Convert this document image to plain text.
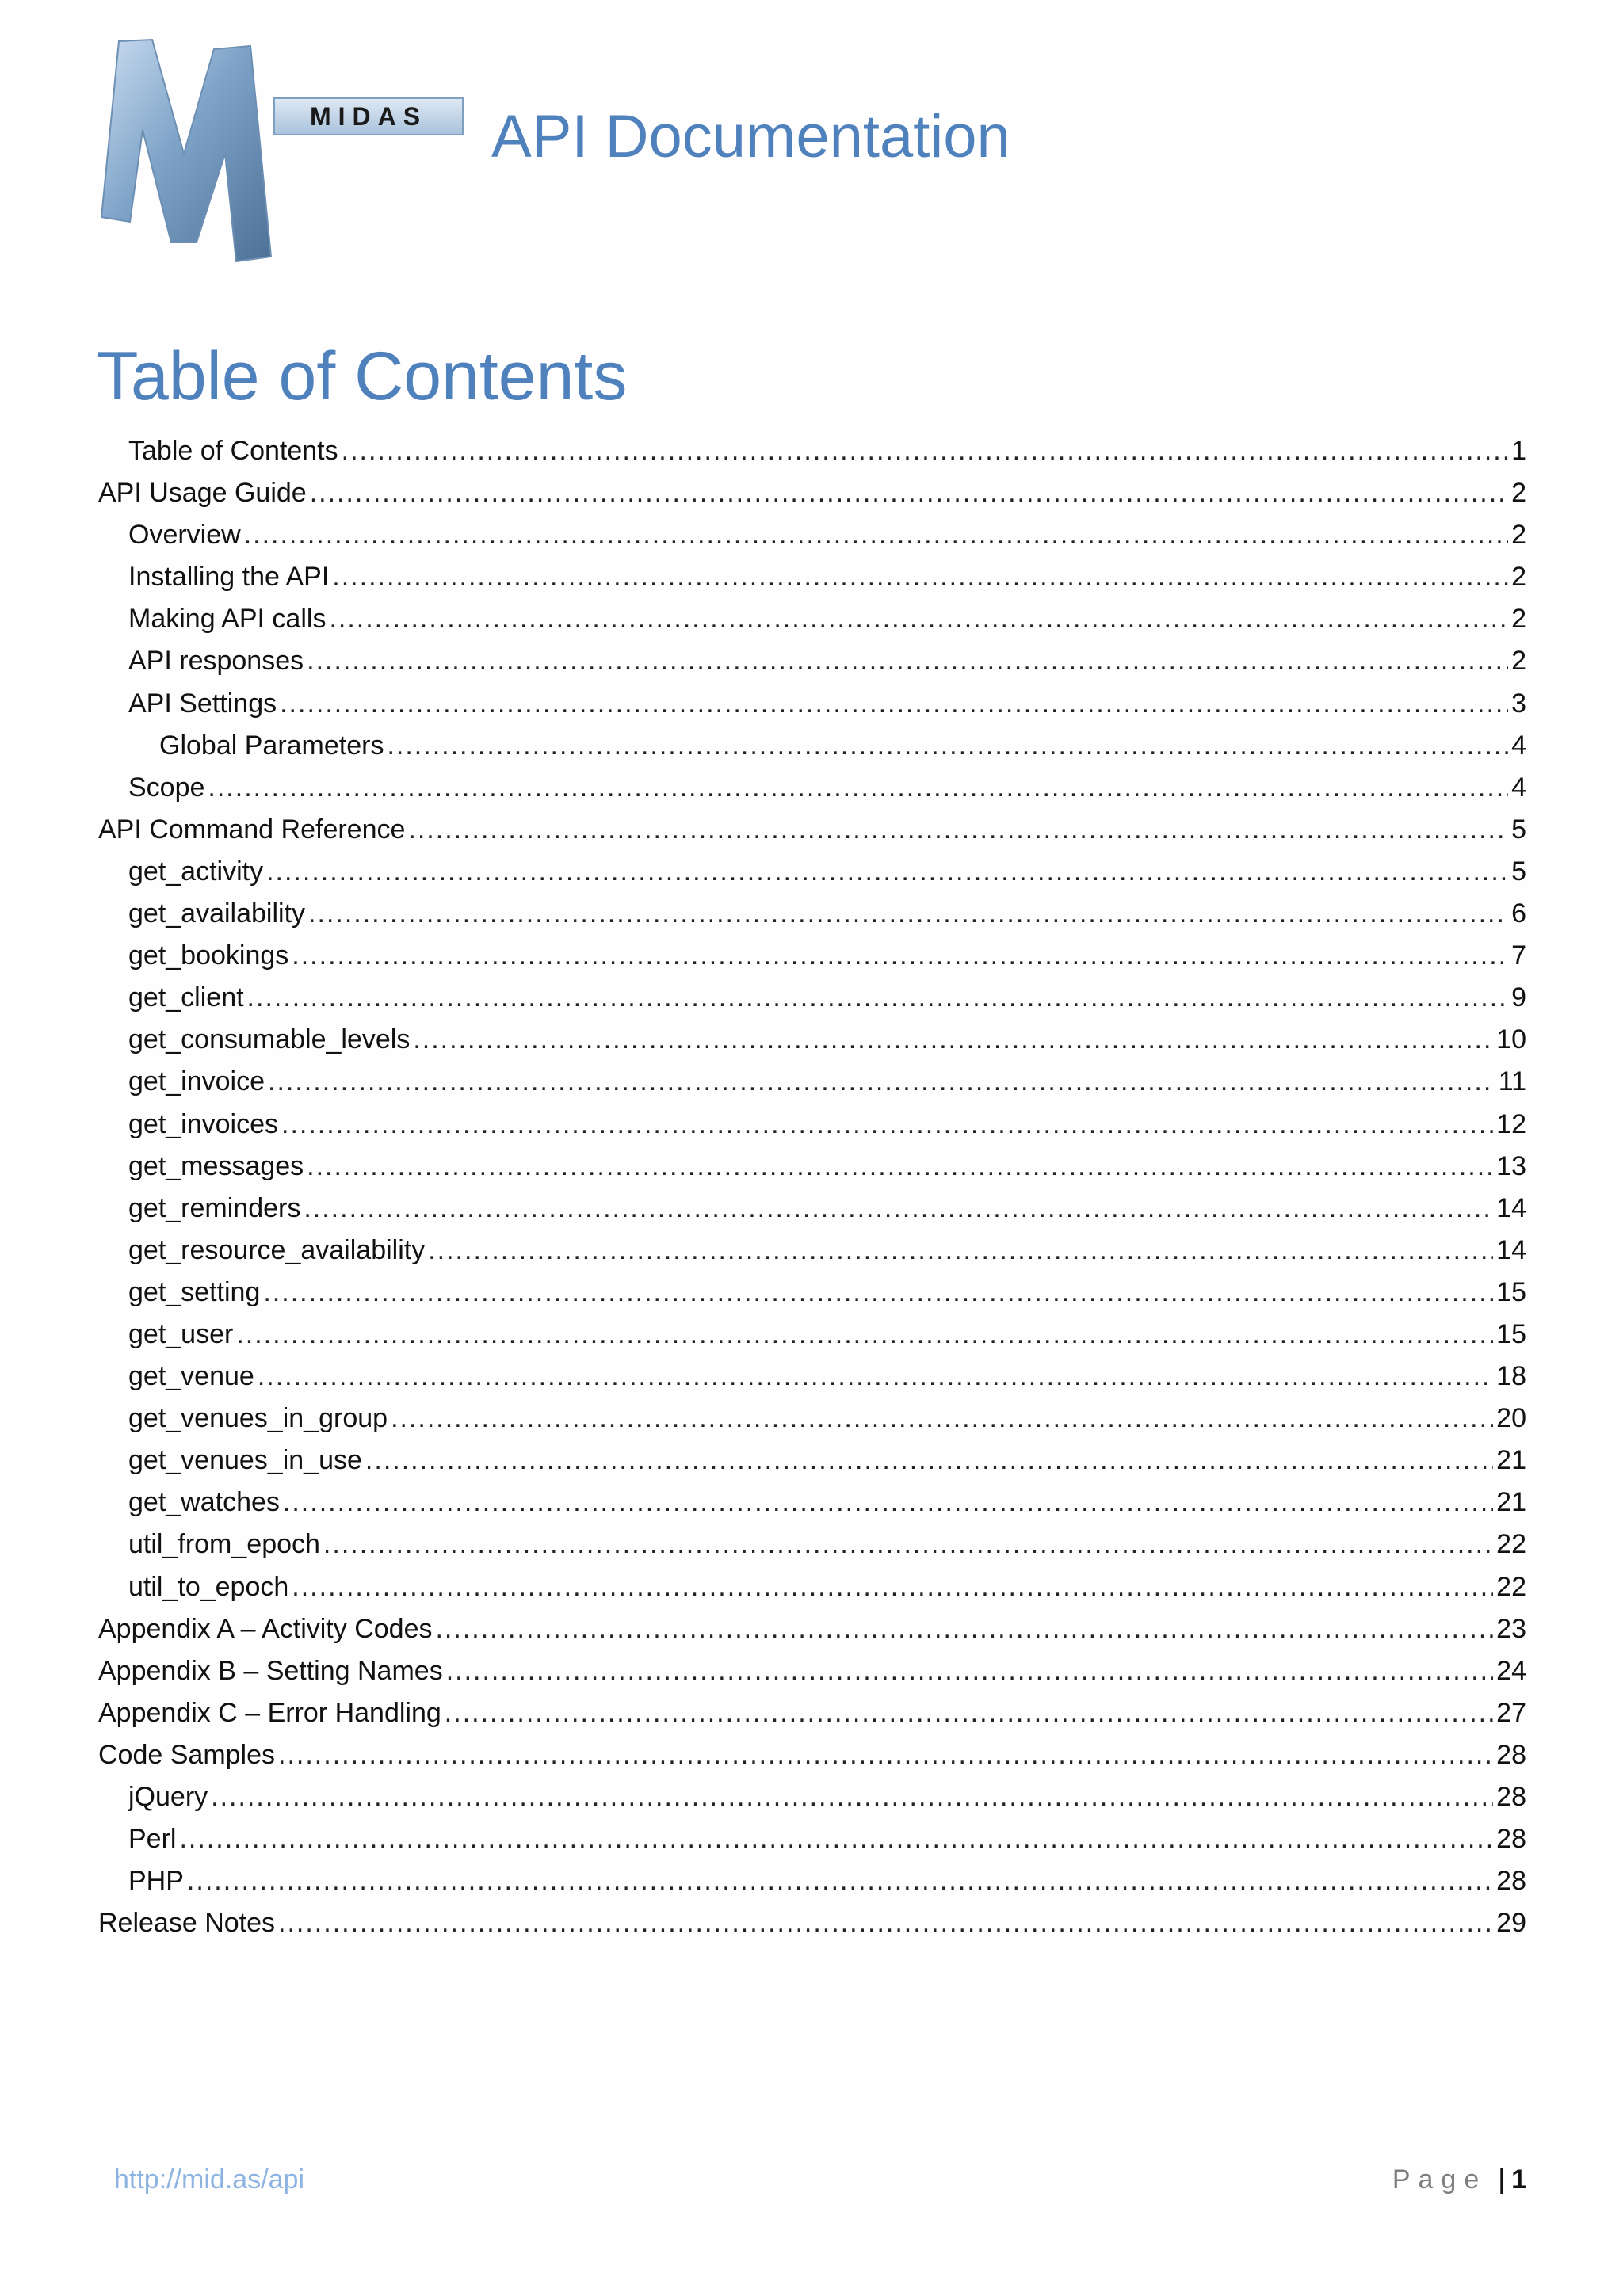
MIDAS API Documentation
Table of Contents
Table of Contents .....	1
API Usage Guide .....	2
Overview .....	2
Installing the API .....	2
Making API calls .....	2
API responses .....	2
API Settings .....	3
Global Parameters .....	4
Scope .....	4
API Command Reference .....	5
get_activity .....	5
get_availability .....	6
get_bookings .....	7
get_client .....	9
get_consumable_levels .....	10
get_invoice .....	11
get_invoices .....	12
get_messages .....	13
get_reminders .....	14
get_resource_availability .....	14
get_setting .....	15
get_user .....	15
get_venue .....	18
get_venues_in_group .....	20
get_venues_in_use .....	21
get_watches .....	21
util_from_epoch .....	22
util_to_epoch .....	22
Appendix A – Activity Codes .....	23
Appendix B – Setting Names .....	24
Appendix C – Error Handling .....	27
Code Samples .....	28
jQuery .....	28
Perl .....	28
PHP .....	28
Release Notes .....	29
http://mid.as/api	Page | 1
